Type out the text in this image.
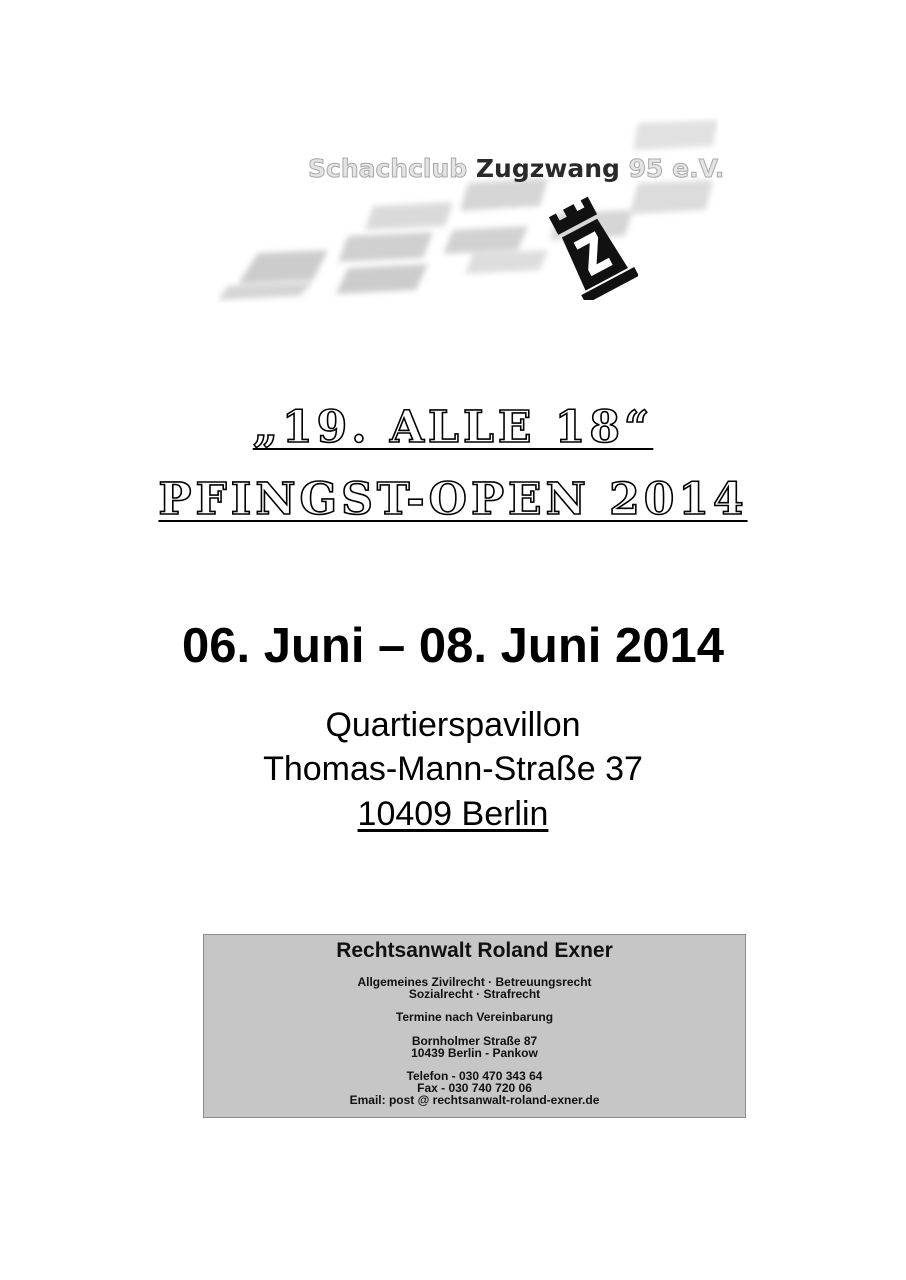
Schachclub Zugzwang 95 e.V.
„19. ALLE 18“
PFINGST-OPEN 2014
06. Juni – 08. Juni 2014
Quartierspavillon
Thomas-Mann-Straße 37
10409 Berlin
Rechtsanwalt Roland Exner
Allgemeines Zivilrecht · Betreuungsrecht
Sozialrecht · Strafrecht
Termine nach Vereinbarung
Bornholmer Straße 87
10439 Berlin - Pankow
Telefon - 030 470 343 64
Fax - 030 740 720 06
Email: post @ rechtsanwalt-roland-exner.de
